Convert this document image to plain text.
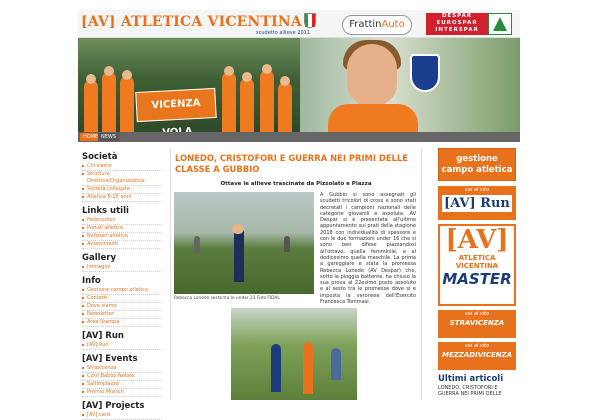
[AV] ATLETICA VICENTINA
scudetto allieve 2011
FrattinAuto
DESPAR
EUROSPAR
INTERSPAR
VICENZA
HOME NEWS
Società
Chi siamo
Struttura Direttiva/Organizzativa
Società collegate
Atletica 8-15 anni
Links utili
Federazioni
Portali atletica
Notiziari atletica
Avvenimenti
Gallery
Immagini
Info
Gestione campo atletica
Contatti
Dove siamo
Newsletter
Area Stampa
[AV] Run
[AV] Run
[AV] Events
Stravicenza
Corri Babbo Natale
Saltimpiazza
Premio Munich
[AV] Projects
[AV] card
LONEDO, CRISTOFORI E GUERRA NEI PRIMI DELLE CLASSE A GUBBIO
Ottave le allieve trascinate da Pizzolato e Piazza
Rebecca Lonedo sesta tra le under 23 Foto FIDAL
A Gubbio si sono assegnati gli scudetti tricolori di cross e sono stati decretati i campioni nazionali delle categorie giovanili e assolute. AV Despar si è presentata all'ultimo appuntamento sui prati della stagione 2018 con individualità di spessore e con le due formazioni under 16 che si sono ben difese piazzandosi all'ottavo, quella femminile, e al dodicesimo quella maschile. La prima a gareggiare è stata la promessa Rebecca Lonedo (AV Despar) che, sotto la pioggia battente, ha chiuso la sua prova al 22esimo posto assoluto e al sesto tra le promesse dove si è imposta la veronese dell'Esercito Francesca Tommasi.
gestione
campo atletica
vai al sito
[AV] Run
[AV]
ATLETICA
VICENTINA
MASTER
vai al sito
STRAVICENZA
vai al sito
MEZZADIVICENZA
Ultimi articoli
LONEDO, CRISTOFORI E GUERRA NEI PRIMI DELLE
